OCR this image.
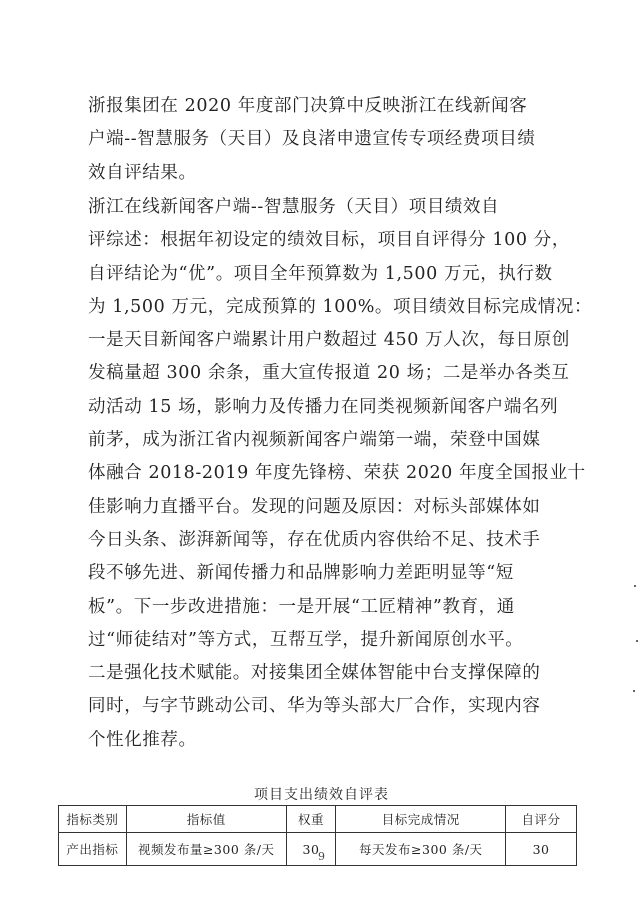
浙报集团在 2020 年度部门决算中反映浙江在线新闻客
户端--智慧服务（天目）及良渚申遗宣传专项经费项目绩
效自评结果。

浙江在线新闻客户端--智慧服务（天目）项目绩效自
评综述：根据年初设定的绩效目标，项目自评得分 100 分，
自评结论为“优”。项目全年预算数为 1,500 万元，执行数
为 1,500 万元，完成预算的 100%。项目绩效目标完成情况：
一是天目新闻客户端累计用户数超过 450 万人次，每日原创
发稿量超 300 余条，重大宣传报道 20 场；二是举办各类互
动活动 15 场，影响力及传播力在同类视频新闻客户端名列
前茅，成为浙江省内视频新闻客户端第一端，荣登中国媒
体融合 2018-2019 年度先锋榜、荣获 2020 年度全国报业十
佳影响力直播平台。发现的问题及原因：对标头部媒体如
今日头条、澎湃新闻等，存在优质内容供给不足、技术手
段不够先进、新闻传播力和品牌影响力差距明显等“短
板”。下一步改进措施：一是开展“工匠精神”教育，通
过“师徒结对”等方式，互帮互学，提升新闻原创水平。
二是强化技术赋能。对接集团全媒体智能中台支撑保障的
同时，与字节跳动公司、华为等头部大厂合作，实现内容
个性化推荐。

项目支出绩效自评表
指标类别	指标值	权重	目标完成情况	自评分
产出指标	视频发布量≥300 条/天	30	每天发布≥300 条/天	30
9
